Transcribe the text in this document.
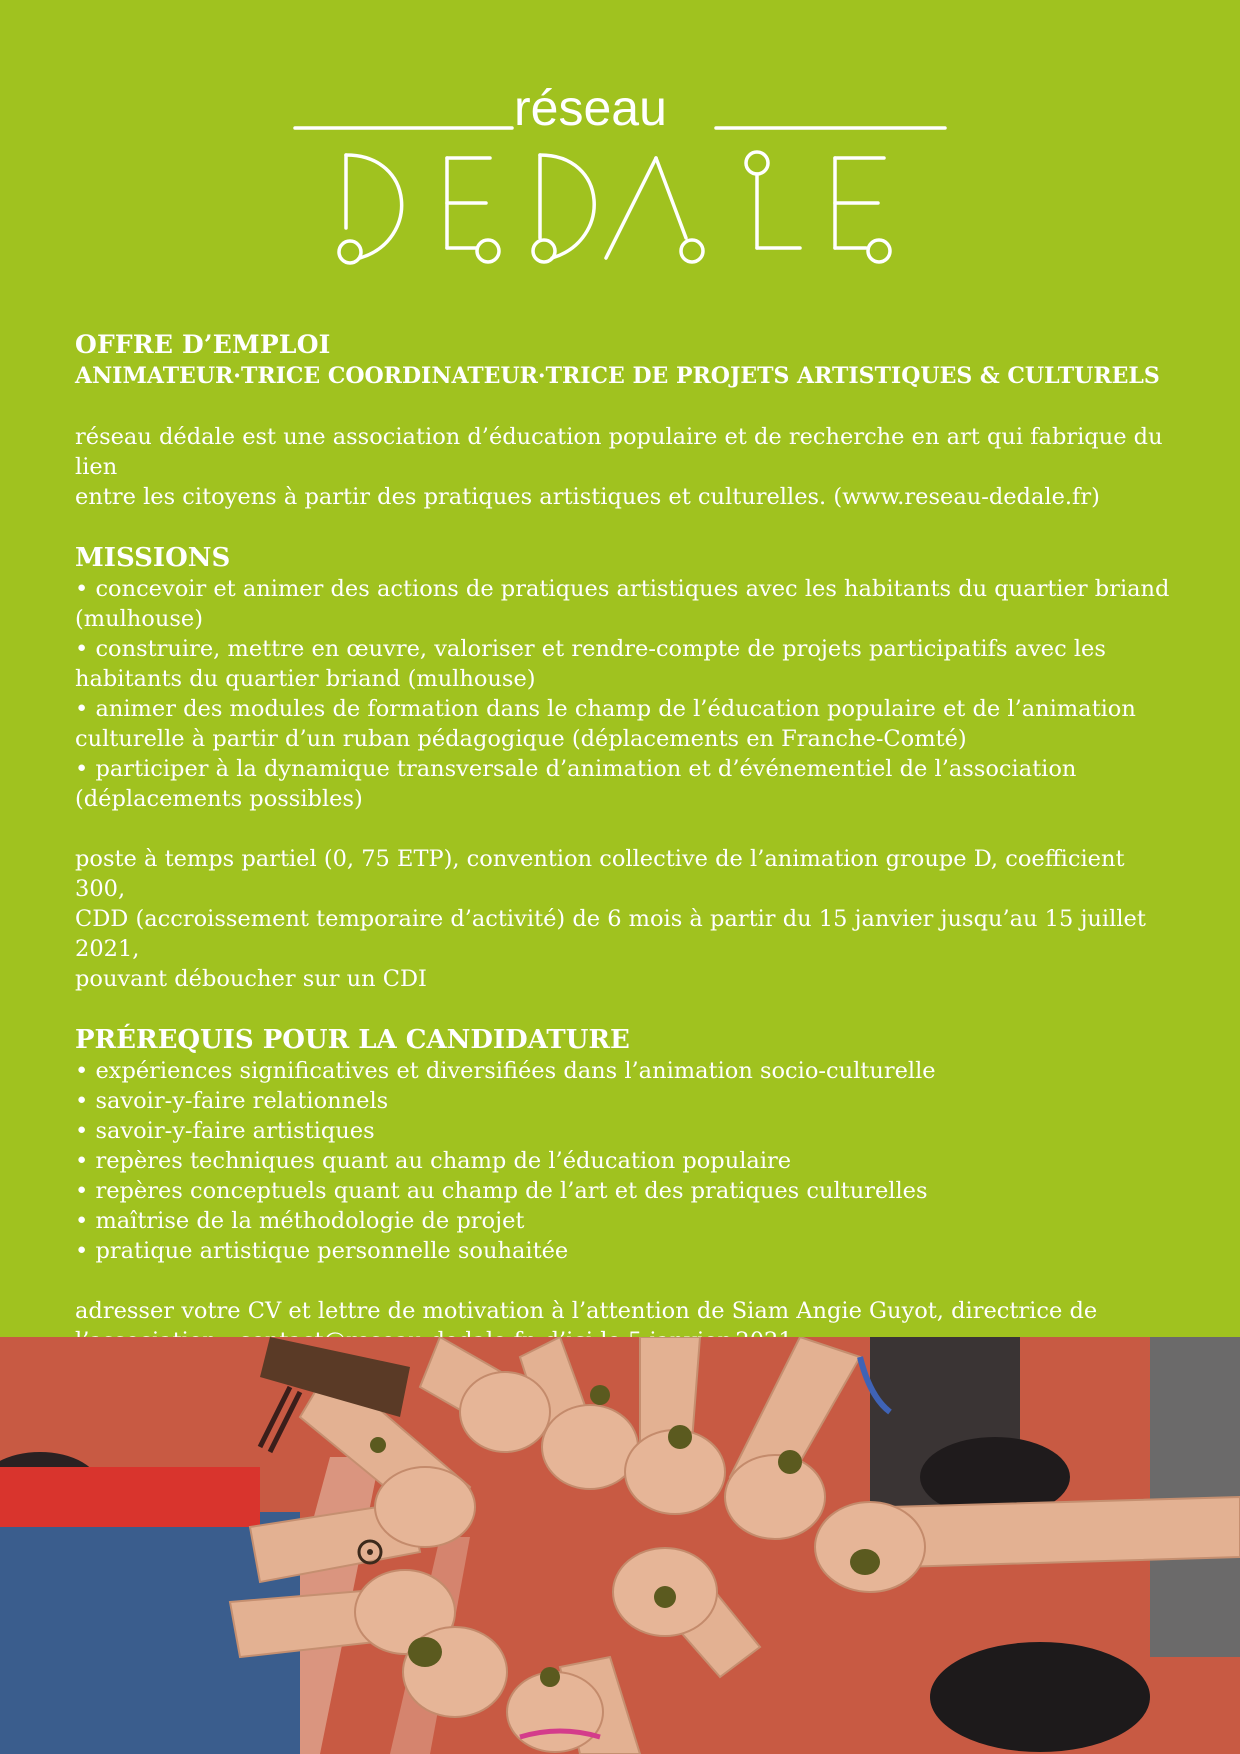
réseau

OFFRE D’EMPLOI

ANIMATEUR·TRICE COORDINATEUR·TRICE DE PROJETS ARTISTIQUES & CULTURELS

réseau dédale est une association d’éducation populaire et de recherche en art qui fabrique du lien

entre les citoyens à partir des pratiques artistiques et culturelles. (www.reseau-dedale.fr)

MISSIONS

• concevoir et animer des actions de pratiques artistiques avec les habitants du quartier briand

(mulhouse)

• construire, mettre en œuvre, valoriser et rendre-compte de projets participatifs avec les

habitants du quartier briand (mulhouse)

• animer des modules de formation dans le champ de l’éducation populaire et de l’animation

culturelle à partir d’un ruban pédagogique (déplacements en Franche-Comté)

• participer à la dynamique transversale d’animation et d’événementiel de l’association

(déplacements possibles)

poste à temps partiel (0, 75 ETP), convention collective de l’animation groupe D, coefficient 300,

CDD (accroissement temporaire d’activité) de 6 mois à partir du 15 janvier jusqu’au 15 juillet 2021,

pouvant déboucher sur un CDI

PRÉREQUIS POUR LA CANDIDATURE

• expériences significatives et diversifiées dans l’animation socio-culturelle

• savoir-y-faire relationnels

• savoir-y-faire artistiques

• repères techniques quant au champ de l’éducation populaire

• repères conceptuels quant au champ de l’art et des pratiques culturelles

• maîtrise de la méthodologie de projet

• pratique artistique personnelle souhaitée

adresser votre CV et lettre de motivation à l’attention de Siam Angie Guyot, directrice de
